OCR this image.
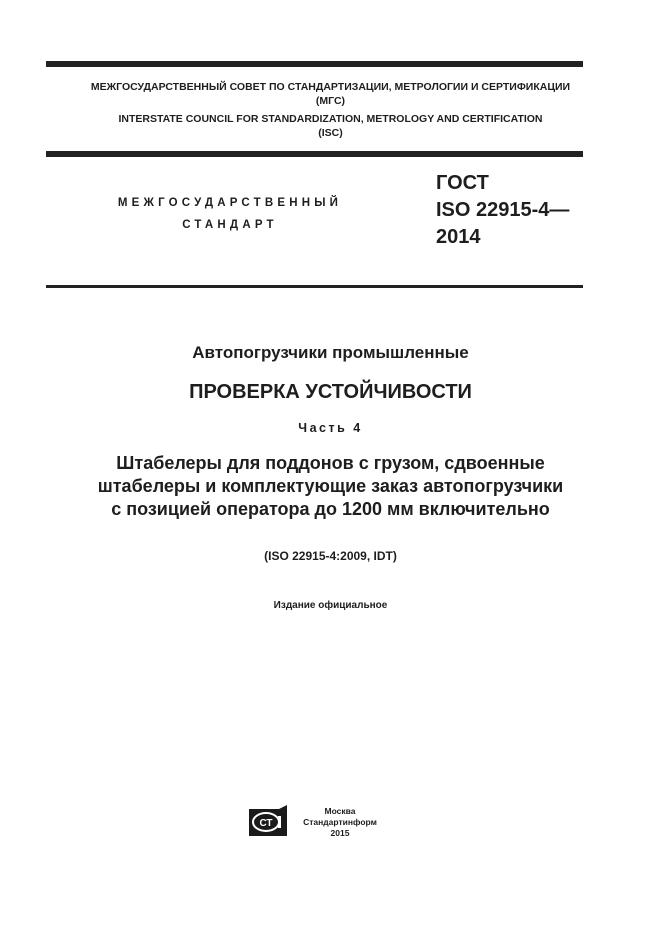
МЕЖГОСУДАРСТВЕННЫЙ СОВЕТ ПО СТАНДАРТИЗАЦИИ, МЕТРОЛОГИИ И СЕРТИФИКАЦИИ
(МГС)
INTERSTATE COUNCIL FOR STANDARDIZATION, METROLOGY AND CERTIFICATION
(ISC)
МЕЖГОСУДАРСТВЕННЫЙ
СТАНДАРТ
ГОСТ
ISO 22915-4—
2014
Автопогрузчики промышленные
ПРОВЕРКА УСТОЙЧИВОСТИ
Часть 4
Штабелеры для поддонов с грузом, сдвоенные
штабелеры и комплектующие заказ автопогрузчики
с позицией оператора до 1200 мм включительно
(ISO 22915-4:2009, IDT)
Издание официальное
СТ
Москва
Стандартинформ
2015
